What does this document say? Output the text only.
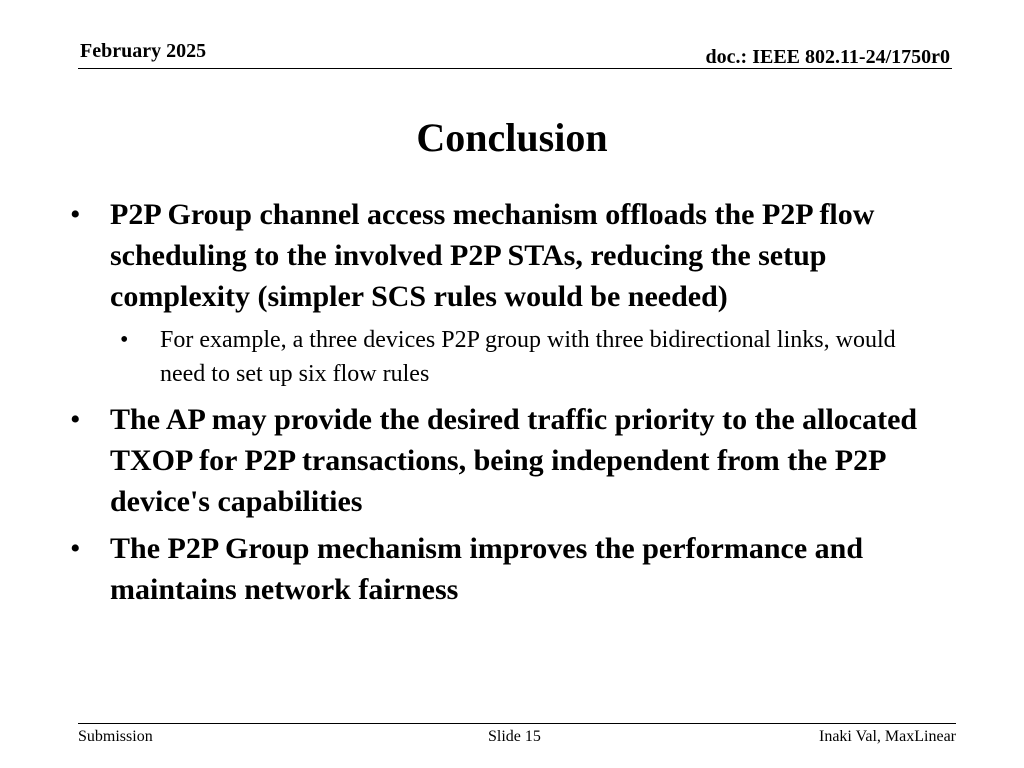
February 2025	doc.: IEEE 802.11-24/1750r0
Conclusion
• P2P Group channel access mechanism offloads the P2P flow scheduling to the involved P2P STAs, reducing the setup complexity (simpler SCS rules would be needed)
• For example, a three devices P2P group with three bidirectional links, would need to set up six flow rules
• The AP may provide the desired traffic priority to the allocated TXOP for P2P transactions, being independent from the P2P device's capabilities
• The P2P Group mechanism improves the performance and maintains network fairness
Submission	Slide 15	Inaki Val, MaxLinear
